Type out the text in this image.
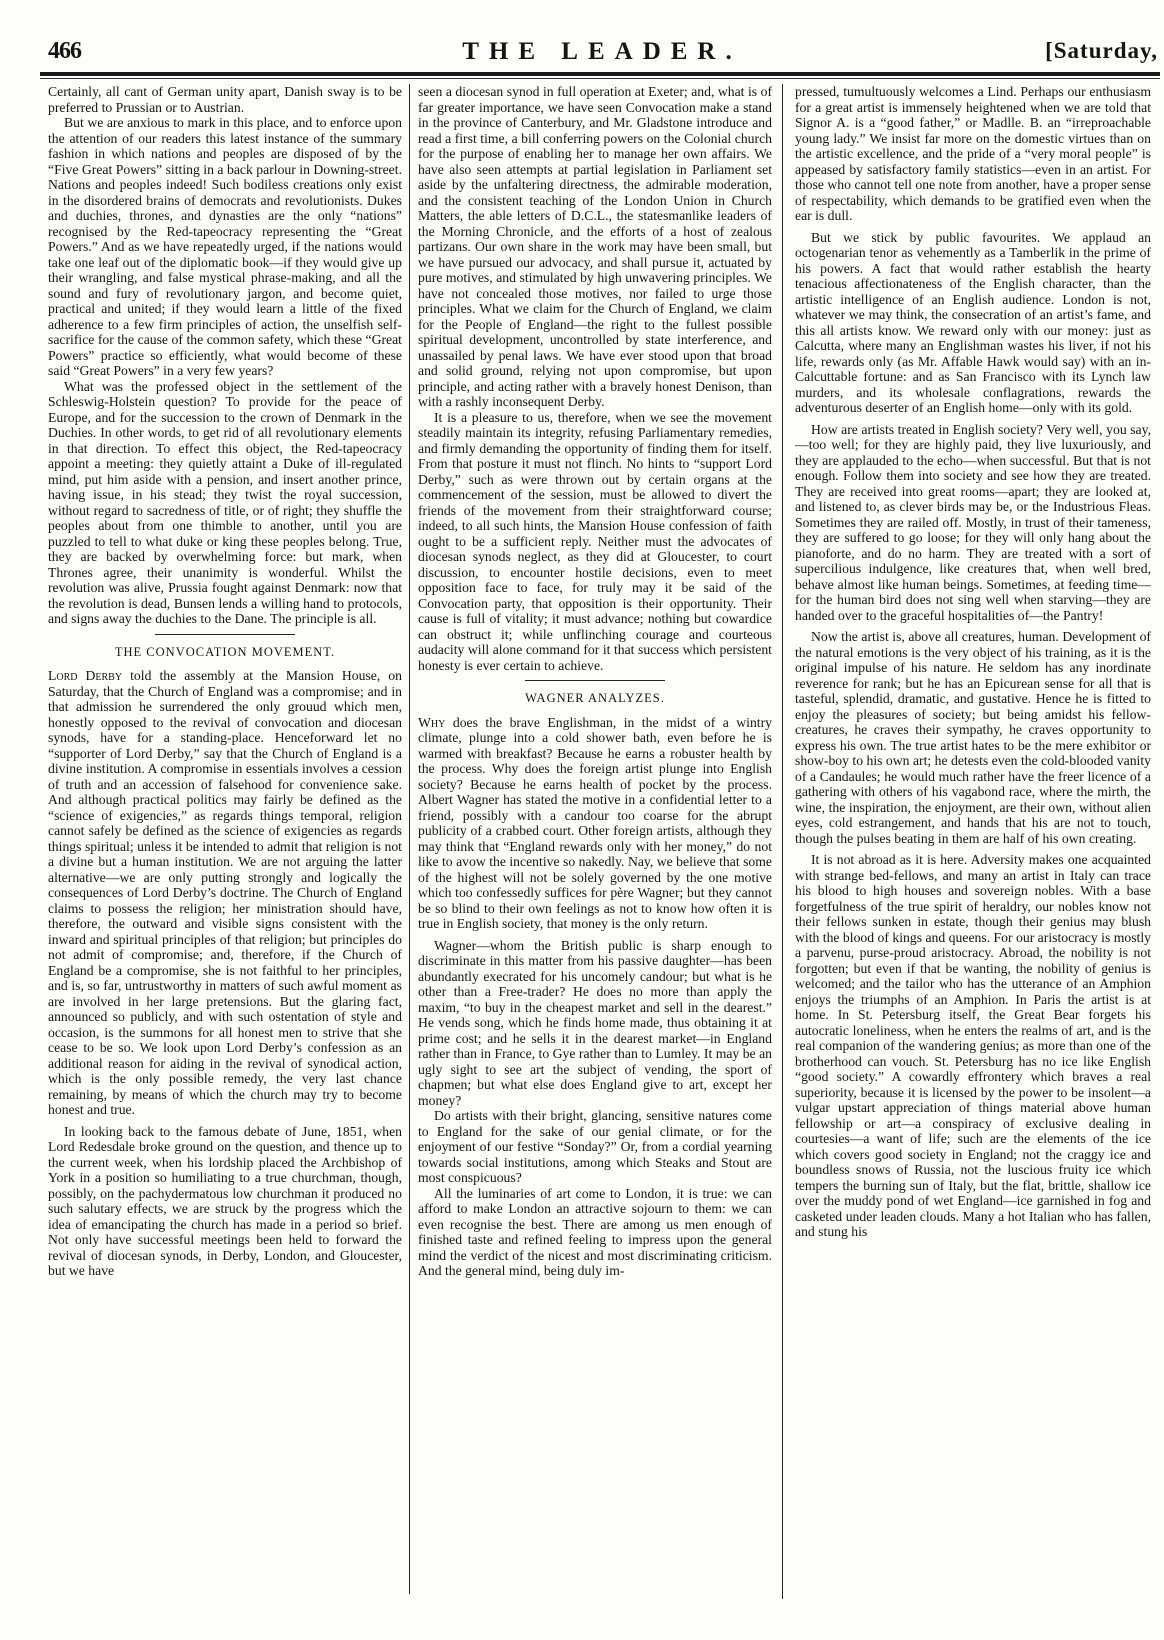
466	THE LEADER.	[Saturday,

Certainly, all cant of German unity apart, Danish sway is to be preferred to Prussian or to Austrian.

But we are anxious to mark in this place, and to enforce upon the attention of our readers this latest instance of the summary fashion in which nations and peoples are disposed of by the “Five Great Powers” sitting in a back parlour in Downing-street. Nations and peoples indeed! Such bodiless creations only exist in the disordered brains of democrats and revolutionists. Dukes and duchies, thrones, and dynasties are the only “nations” recognised by the Red-tapeocracy representing the “Great Powers.” And as we have repeatedly urged, if the nations would take one leaf out of the diplomatic book—if they would give up their wrangling, and false mystical phrase-making, and all the sound and fury of revolutionary jargon, and become quiet, practical and united; if they would learn a little of the fixed adherence to a few firm principles of action, the unselfish self-sacrifice for the cause of the common safety, which these “Great Powers” practice so efficiently, what would become of these said “Great Powers” in a very few years?

What was the professed object in the settlement of the Schleswig-Holstein question? To provide for the peace of Europe, and for the succession to the crown of Denmark in the Duchies. In other words, to get rid of all revolutionary elements in that direction. To effect this object, the Red-tapeocracy appoint a meeting: they quietly attaint a Duke of ill-regulated mind, put him aside with a pension, and insert another prince, having issue, in his stead; they twist the royal succession, without regard to sacredness of title, or of right; they shuffle the peoples about from one thimble to another, until you are puzzled to tell to what duke or king these peoples belong. True, they are backed by overwhelming force: but mark, when Thrones agree, their unanimity is wonderful. Whilst the revolution was alive, Prussia fought against Denmark: now that the revolution is dead, Bunsen lends a willing hand to protocols, and signs away the duchies to the Dane. The principle is all.

THE CONVOCATION MOVEMENT.

Lord Derby told the assembly at the Mansion House, on Saturday, that the Church of England was a compromise; and in that admission he surrendered the only grouud which men, honestly opposed to the revival of convocation and diocesan synods, have for a standing-place. Henceforward let no “supporter of Lord Derby,” say that the Church of England is a divine institution. A compromise in essentials involves a cession of truth and an accession of falsehood for convenience sake. And although practical politics may fairly be defined as the “science of exigencies,” as regards things temporal, religion cannot safely be defined as the science of exigencies as regards things spiritual; unless it be intended to admit that religion is not a divine but a human institution. We are not arguing the latter alternative—we are only putting strongly and logically the consequences of Lord Derby’s doctrine. The Church of England claims to possess the religion; her ministration should have, therefore, the outward and visible signs consistent with the inward and spiritual principles of that religion; but principles do not admit of compromise; and, therefore, if the Church of England be a compromise, she is not faithful to her principles, and is, so far, untrustworthy in matters of such awful moment as are involved in her large pretensions. But the glaring fact, announced so publicly, and with such ostentation of style and occasion, is the summons for all honest men to strive that she cease to be so. We look upon Lord Derby’s confession as an additional reason for aiding in the revival of synodical action, which is the only possible remedy, the very last chance remaining, by means of which the church may try to become honest and true.

In looking back to the famous debate of June, 1851, when Lord Redesdale broke ground on the question, and thence up to the current week, when his lordship placed the Archbishop of York in a position so humiliating to a true churchman, though, possibly, on the pachydermatous low churchman it produced no such salutary effects, we are struck by the progress which the idea of emancipating the church has made in a period so brief. Not only have successful meetings been held to forward the revival of diocesan synods, in Derby, London, and Gloucester, but we have

seen a diocesan synod in full operation at Exeter; and, what is of far greater importance, we have seen Convocation make a stand in the province of Canterbury, and Mr. Gladstone introduce and read a first time, a bill conferring powers on the Colonial church for the purpose of enabling her to manage her own affairs. We have also seen attempts at partial legislation in Parliament set aside by the unfaltering directness, the admirable moderation, and the consistent teaching of the London Union in Church Matters, the able letters of D.C.L., the statesmanlike leaders of the Morning Chronicle, and the efforts of a host of zealous partizans. Our own share in the work may have been small, but we have pursued our advocacy, and shall pursue it, actuated by pure motives, and stimulated by high unwavering principles. We have not concealed those motives, nor failed to urge those principles. What we claim for the Church of England, we claim for the People of England—the right to the fullest possible spiritual development, uncontrolled by state interference, and unassailed by penal laws. We have ever stood upon that broad and solid ground, relying not upon compromise, but upon principle, and acting rather with a bravely honest Denison, than with a rashly inconsequent Derby.

It is a pleasure to us, therefore, when we see the movement steadily maintain its integrity, refusing Parliamentary remedies, and firmly demanding the opportunity of finding them for itself. From that posture it must not flinch. No hints to “support Lord Derby,” such as were thrown out by certain organs at the commencement of the session, must be allowed to divert the friends of the movement from their straightforward course; indeed, to all such hints, the Mansion House confession of faith ought to be a sufficient reply. Neither must the advocates of diocesan synods neglect, as they did at Gloucester, to court discussion, to encounter hostile decisions, even to meet opposition face to face, for truly may it be said of the Convocation party, that opposition is their opportunity. Their cause is full of vitality; it must advance; nothing but cowardice can obstruct it; while unflinching courage and courteous audacity will alone command for it that success which persistent honesty is ever certain to achieve.

WAGNER ANALYZES.

Why does the brave Englishman, in the midst of a wintry climate, plunge into a cold shower bath, even before he is warmed with breakfast? Because he earns a robuster health by the process. Why does the foreign artist plunge into English society? Because he earns health of pocket by the process. Albert Wagner has stated the motive in a confidential letter to a friend, possibly with a candour too coarse for the abrupt publicity of a crabbed court. Other foreign artists, although they may think that “England rewards only with her money,” do not like to avow the incentive so nakedly. Nay, we believe that some of the highest will not be solely governed by the one motive which too confessedly suffices for père Wagner; but they cannot be so blind to their own feelings as not to know how often it is true in English society, that money is the only return.

Wagner—whom the British public is sharp enough to discriminate in this matter from his passive daughter—has been abundantly execrated for his uncomely candour; but what is he other than a Free-trader? He does no more than apply the maxim, “to buy in the cheapest market and sell in the dearest.” He vends song, which he finds home made, thus obtaining it at prime cost; and he sells it in the dearest market—in England rather than in France, to Gye rather than to Lumley. It may be an ugly sight to see art the subject of vending, the sport of chapmen; but what else does England give to art, except her money?

Do artists with their bright, glancing, sensitive natures come to England for the sake of our genial climate, or for the enjoyment of our festive “Sonday?” Or, from a cordial yearning towards social institutions, among which Steaks and Stout are most conspicuous?

All the luminaries of art come to London, it is true: we can afford to make London an attractive sojourn to them: we can even recognise the best. There are among us men enough of finished taste and refined feeling to impress upon the general mind the verdict of the nicest and most discriminating criticism. And the general mind, being duly im-

pressed, tumultuously welcomes a Lind. Perhaps our enthusiasm for a great artist is immensely heightened when we are told that Signor A. is a “good father,” or Madlle. B. an “irreproachable young lady.” We insist far more on the domestic virtues than on the artistic excellence, and the pride of a “very moral people” is appeased by satisfactory family statistics—even in an artist. For those who cannot tell one note from another, have a proper sense of respectability, which demands to be gratified even when the ear is dull.

But we stick by public favourites. We applaud an octogenarian tenor as vehemently as a Tamberlik in the prime of his powers. A fact that would rather establish the hearty tenacious affectionateness of the English character, than the artistic intelligence of an English audience. London is not, whatever we may think, the consecration of an artist’s fame, and this all artists know. We reward only with our money: just as Calcutta, where many an Englishman wastes his liver, if not his life, rewards only (as Mr. Affable Hawk would say) with an in-Calcuttable fortune: and as San Francisco with its Lynch law murders, and its wholesale conflagrations, rewards the adventurous deserter of an English home—only with its gold.

How are artists treated in English society? Very well, you say,—too well; for they are highly paid, they live luxuriously, and they are applauded to the echo—when successful. But that is not enough. Follow them into society and see how they are treated. They are received into great rooms—apart; they are looked at, and listened to, as clever birds may be, or the Industrious Fleas. Sometimes they are railed off. Mostly, in trust of their tameness, they are suffered to go loose; for they will only hang about the pianoforte, and do no harm. They are treated with a sort of supercilious indulgence, like creatures that, when well bred, behave almost like human beings. Sometimes, at feeding time—for the human bird does not sing well when starving—they are handed over to the graceful hospitalities of—the Pantry!

Now the artist is, above all creatures, human. Development of the natural emotions is the very object of his training, as it is the original impulse of his nature. He seldom has any inordinate reverence for rank; but he has an Epicurean sense for all that is tasteful, splendid, dramatic, and gustative. Hence he is fitted to enjoy the pleasures of society; but being amidst his fellow-creatures, he craves their sympathy, he craves opportunity to express his own. The true artist hates to be the mere exhibitor or show-boy to his own art; he detests even the cold-blooded vanity of a Candaules; he would much rather have the freer licence of a gathering with others of his vagabond race, where the mirth, the wine, the inspiration, the enjoyment, are their own, without alien eyes, cold estrangement, and hands that his are not to touch, though the pulses beating in them are half of his own creating.

It is not abroad as it is here. Adversity makes one acquainted with strange bed-fellows, and many an artist in Italy can trace his blood to high houses and sovereign nobles. With a base forgetfulness of the true spirit of heraldry, our nobles know not their fellows sunken in estate, though their genius may blush with the blood of kings and queens. For our aristocracy is mostly a parvenu, purse-proud aristocracy. Abroad, the nobility is not forgotten; but even if that be wanting, the nobility of genius is welcomed; and the tailor who has the utterance of an Amphion enjoys the triumphs of an Amphion. In Paris the artist is at home. In St. Petersburg itself, the Great Bear forgets his autocratic loneliness, when he enters the realms of art, and is the real companion of the wandering genius; as more than one of the brotherhood can vouch. St. Petersburg has no ice like English “good society.” A cowardly effrontery which braves a real superiority, because it is licensed by the power to be insolent—a vulgar upstart appreciation of things material above human fellowship or art—a conspiracy of exclusive dealing in courtesies—a want of life; such are the elements of the ice which covers good society in England; not the craggy ice and boundless snows of Russia, not the luscious fruity ice which tempers the burning sun of Italy, but the flat, brittle, shallow ice over the muddy pond of wet England—ice garnished in fog and casketed under leaden clouds. Many a hot Italian who has fallen, and stung his
